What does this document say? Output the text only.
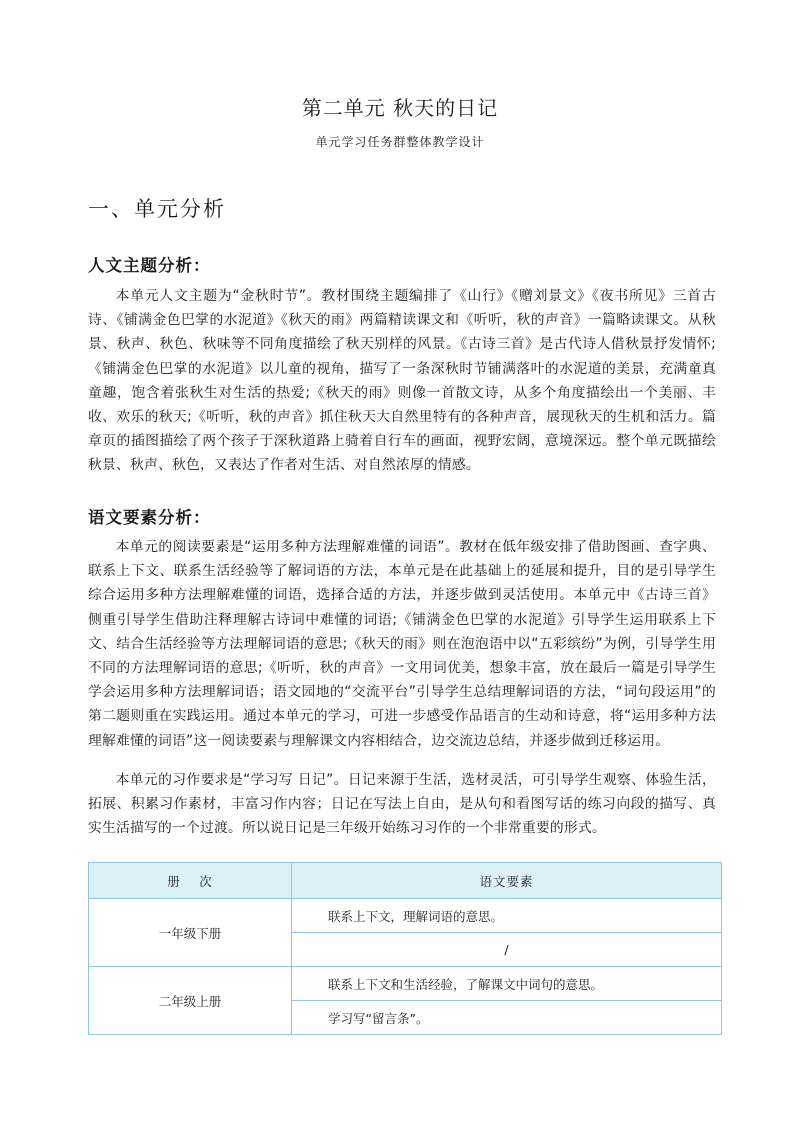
第二单元 秋天的日记
单元学习任务群整体教学设计
一、单元分析
人文主题分析：

本单元人文主题为“金秋时节”。教材围绕主题编排了《山行》《赠刘景文》《夜书所见》三首古诗、《铺满金色巴掌的水泥道》《秋天的雨》两篇精读课文和《听听，秋的声音》一篇略读课文。从秋景、秋声、秋色、秋味等不同角度描绘了秋天别样的风景。《古诗三首》是古代诗人借秋景抒发情怀;《铺满金色巴掌的水泥道》以儿童的视角，描写了一条深秋时节铺满落叶的水泥道的美景，充满童真童趣，饱含着张秋生对生活的热爱;《秋天的雨》则像一首散文诗，从多个角度描绘出一个美丽、丰收、欢乐的秋天;《听听，秋的声音》抓住秋天大自然里特有的各种声音，展现秋天的生机和活力。篇章页的插图描绘了两个孩子于深秋道路上骑着自行车的画面，视野宏阔，意境深远。整个单元既描绘秋景、秋声、秋色，又表达了作者对生活、对自然浓厚的情感。

语文要素分析：

本单元的阅读要素是“运用多种方法理解难懂的词语”。教材在低年级安排了借助图画、查字典、联系上下文、联系生活经验等了解词语的方法，本单元是在此基础上的延展和提升，目的是引导学生综合运用多种方法理解难懂的词语，选择合适的方法，并逐步做到灵活使用。本单元中《古诗三首》侧重引导学生借助注释理解古诗词中难懂的词语;《铺满金色巴掌的水泥道》引导学生运用联系上下文、结合生活经验等方法理解词语的意思;《秋天的雨》则在泡泡语中以“五彩缤纷”为例，引导学生用不同的方法理解词语的意思;《听听，秋的声音》一文用词优美，想象丰富，放在最后一篇是引导学生学会运用多种方法理解词语；语文园地的“交流平台”引导学生总结理解词语的方法，“词句段运用”的第二题则重在实践运用。通过本单元的学习，可进一步感受作品语言的生动和诗意，将“运用多种方法理解难懂的词语”这一阅读要素与理解课文内容相结合，边交流边总结，并逐步做到迁移运用。

本单元的习作要求是“学习写 日记”。日记来源于生活，选材灵活，可引导学生观察、体验生活，拓展、积累习作素材，丰富习作内容；日记在写法上自由，是从句和看图写话的练习向段的描写、真实生活描写的一个过渡。所以说日记是三年级开始练习习作的一个非常重要的形式。

册　 次	语文要素
一年级下册	联系上下文，理解词语的意思。
	/
二年级上册	联系上下文和生活经验，了解课文中词句的意思。
	学习写“留言条”。
